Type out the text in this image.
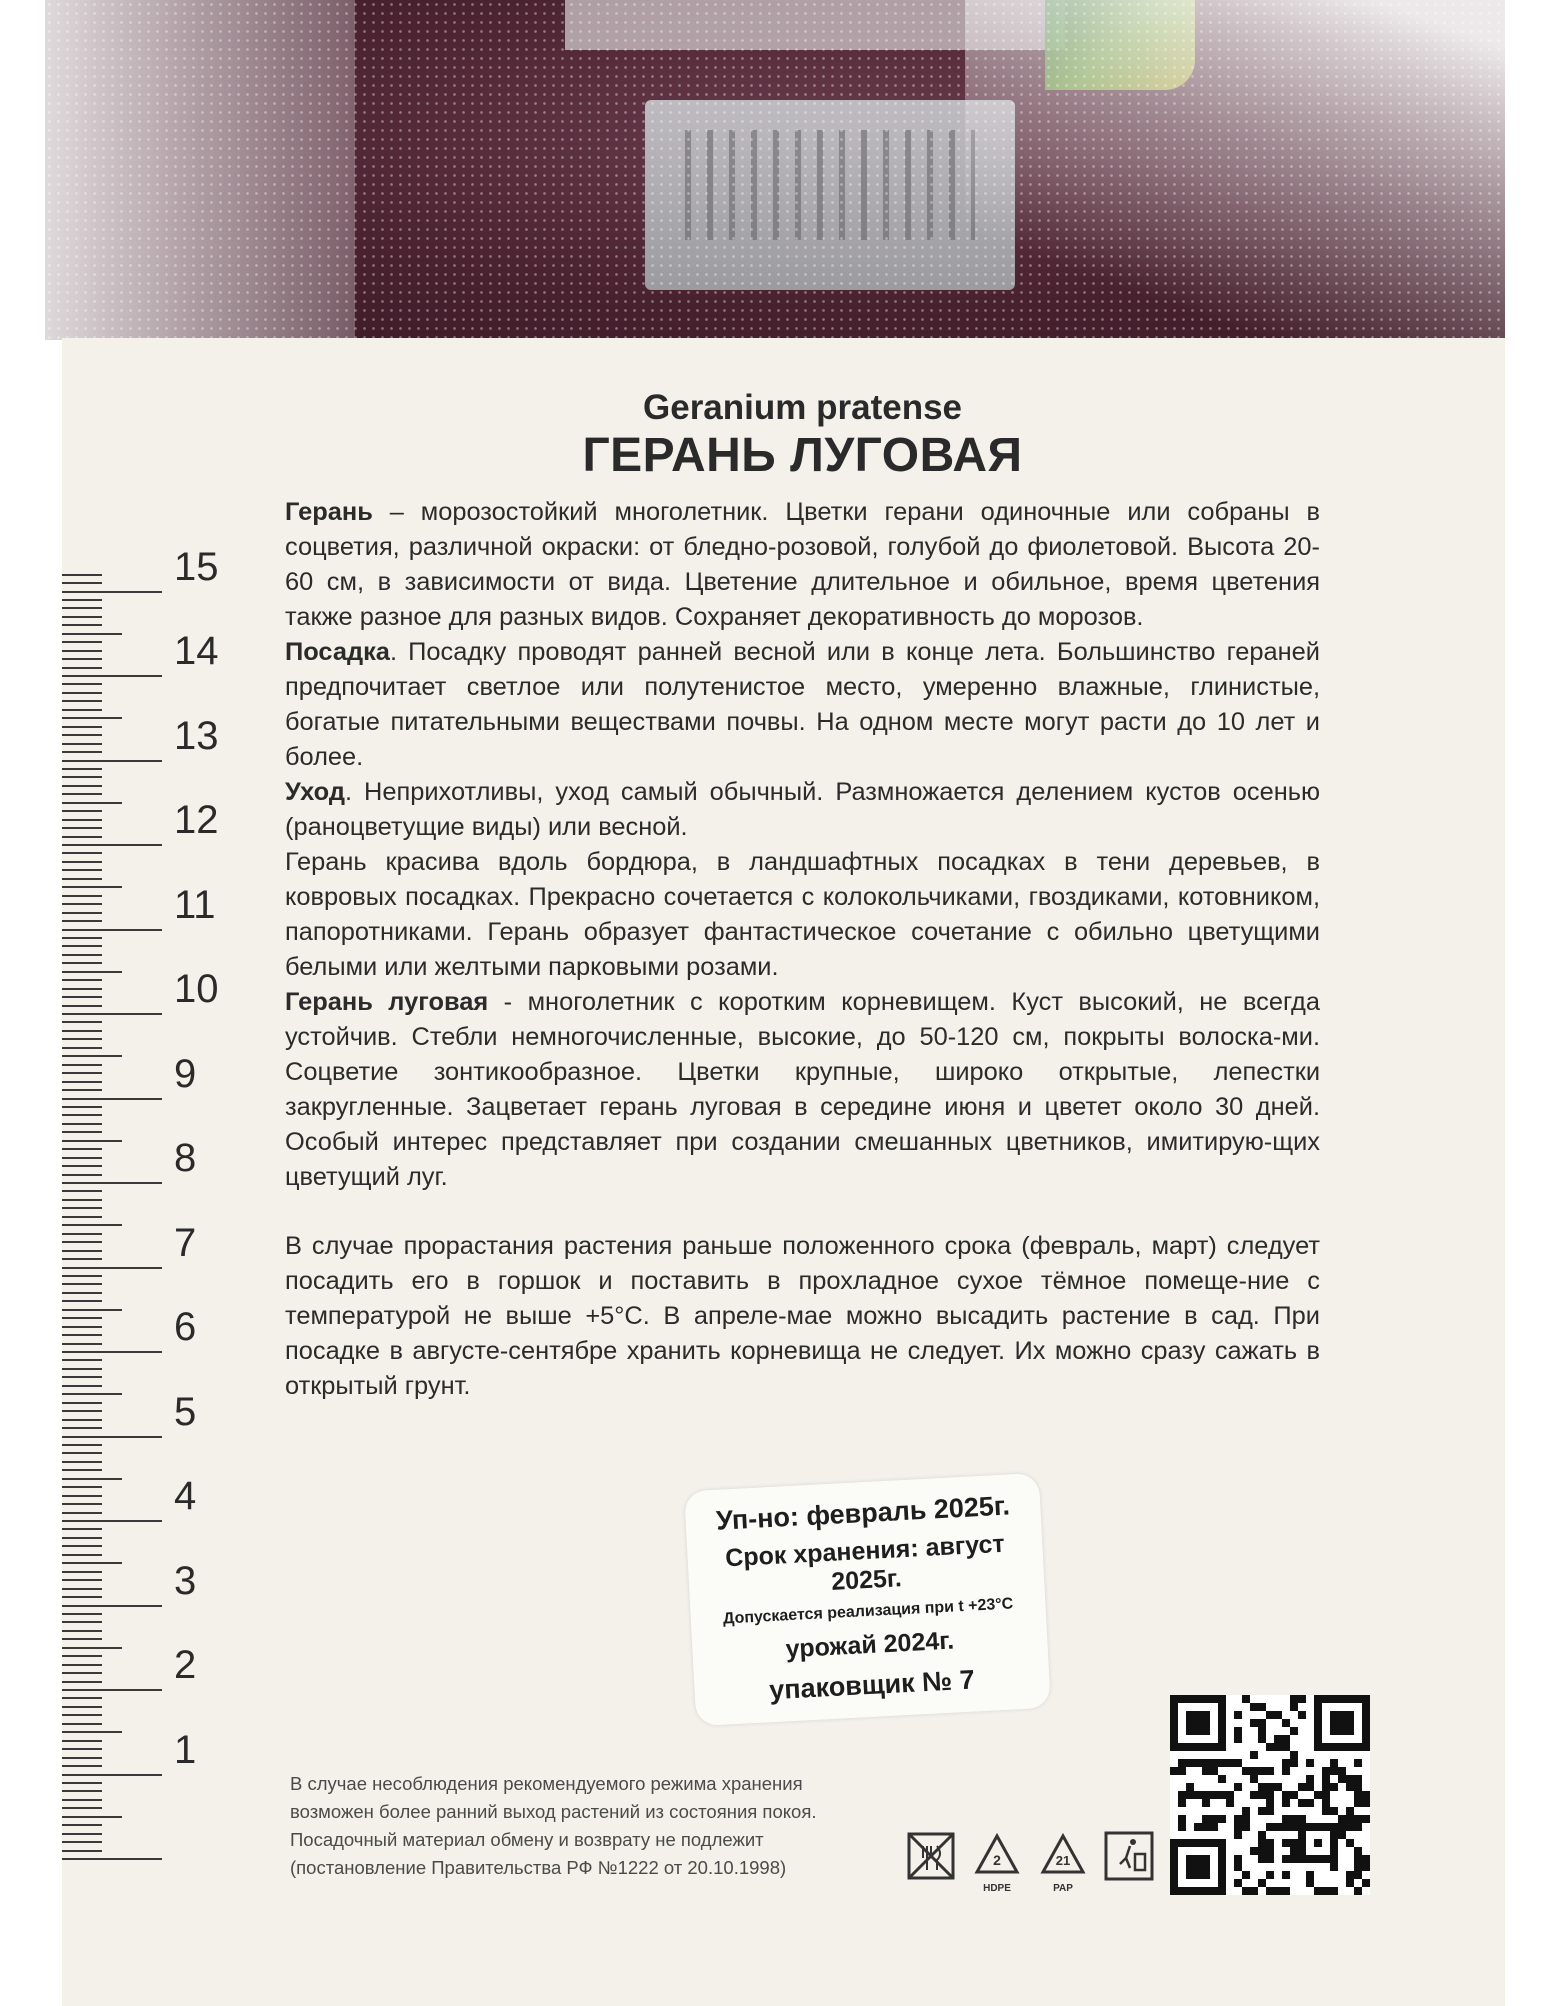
15
14
13
12
11
10
9
8
7
6
5
4
3
2
1

Geranium pratense

ГЕРАНЬ ЛУГОВАЯ

Герань – морозостойкий многолетник. Цветки герани одиночные или собраны в соцветия, различной окраски: от бледно-розовой, голубой до фиолетовой. Высота 20-60 см, в зависимости от вида. Цветение длительное и обильное, время цветения также разное для разных видов. Сохраняет декоративность до морозов.

Посадка. Посадку проводят ранней весной или в конце лета. Большинство гераней предпочитает светлое или полутенистое место, умеренно влажные, глинистые, богатые питательными веществами почвы. На одном месте могут расти до 10 лет и более.

Уход. Неприхотливы, уход самый обычный. Размножается делением кустов осенью (раноцветущие виды) или весной.

Герань красива вдоль бордюра, в ландшафтных посадках в тени деревьев, в ковровых посадках. Прекрасно сочетается с колокольчиками, гвоздиками, котовником, папоротниками. Герань образует фантастическое сочетание с обильно цветущими белыми или желтыми парковыми розами.

Герань луговая - многолетник с коротким корневищем. Куст высокий, не всегда устойчив. Стебли немногочисленные, высокие, до 50-120 см, покрыты волоска-ми. Соцветие зонтикообразное. Цветки крупные, широко открытые, лепестки закругленные. Зацветает герань луговая в середине июня и цветет около 30 дней. Особый интерес представляет при создании смешанных цветников, имитирую-щих цветущий луг.

В случае прорастания растения раньше положенного срока (февраль, март) следует посадить его в горшок и поставить в прохладное сухое тёмное помеще-ние с температурой не выше +5°С. В апреле-мае можно высадить растение в сад. При посадке в августе-сентябре хранить корневища не следует. Их можно сразу сажать в открытый грунт.

Уп-но: февраль 2025г.
Срок хранения: август 2025г.
Допускается реализация при t +23°С
урожай 2024г.
упаковщик № 7
В случае несоблюдения рекомендуемого режима хранения
возможен более ранний выход растений из состояния покоя.
Посадочный материал обмену и возврату не подлежит
(постановление Правительства РФ №1222 от 20.10.1998)	2
HDPE
21
PAP
